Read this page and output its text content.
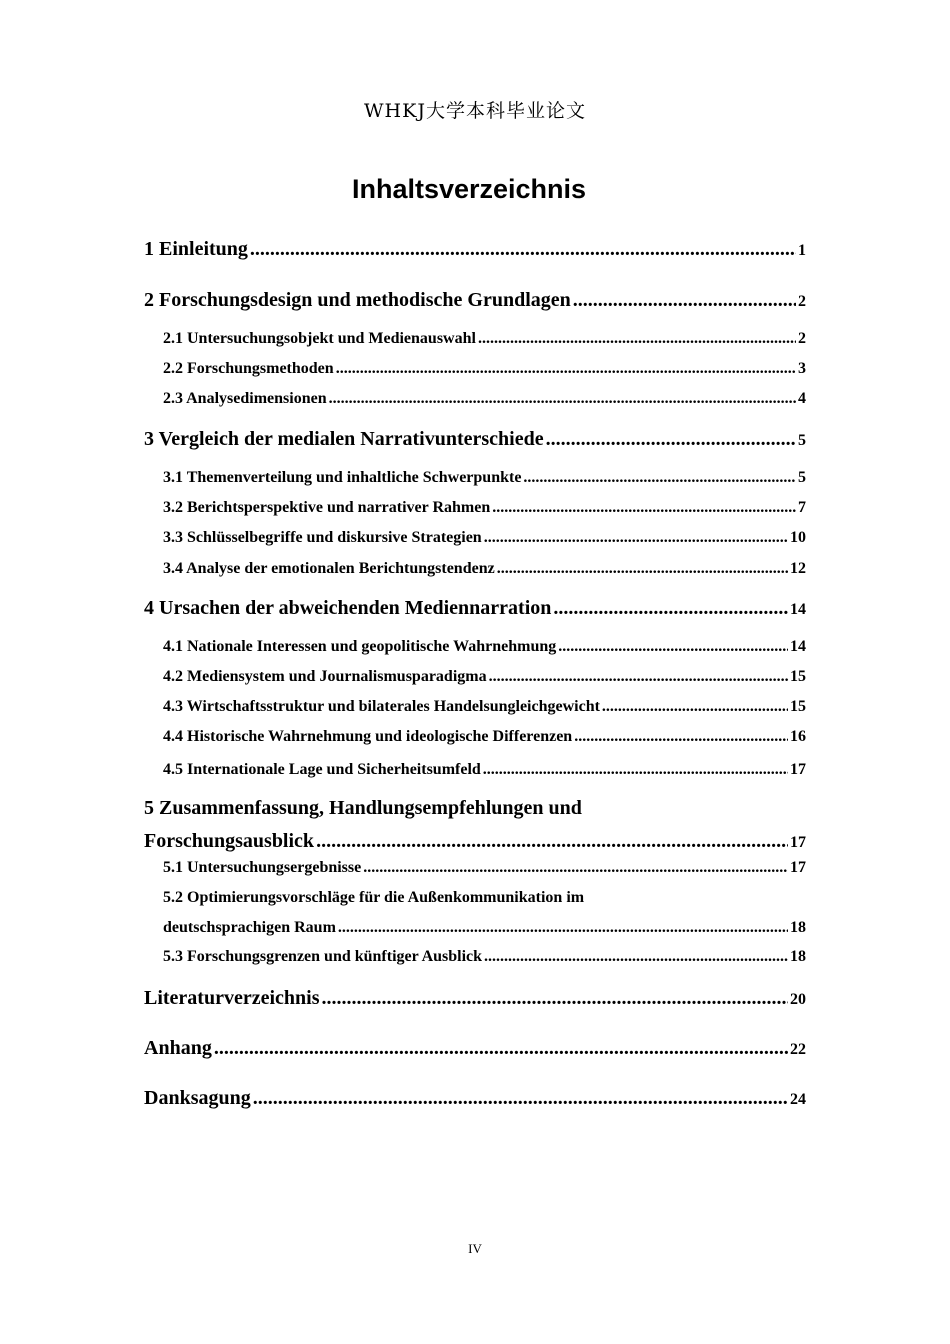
WHKJ大学本科毕业论文
Inhaltsverzeichnis
1 Einleitung .....	1
2 Forschungsdesign und methodische Grundlagen .....	2
2.1 Untersuchungsobjekt und Medienauswahl .....	2
2.2 Forschungsmethoden .....	3
2.3 Analysedimensionen .....	4
3 Vergleich der medialen Narrativunterschiede .....	5
3.1 Themenverteilung und inhaltliche Schwerpunkte .....	5
3.2 Berichtsperspektive und narrativer Rahmen .....	7
3.3 Schlüsselbegriffe und diskursive Strategien .....	10
3.4 Analyse der emotionalen Berichtungstendenz .....	12
4 Ursachen der abweichenden Mediennarration .....	14
4.1 Nationale Interessen und geopolitische Wahrnehmung .....	14
4.2 Mediensystem und Journalismusparadigma .....	15
4.3 Wirtschaftsstruktur und bilaterales Handelsungleichgewicht .....	15
4.4 Historische Wahrnehmung und ideologische Differenzen .....	16
4.5 Internationale Lage und Sicherheitsumfeld .....	17
5 Zusammenfassung, Handlungsempfehlungen und
Forschungsausblick .....	17
5.1 Untersuchungsergebnisse .....	17
5.2 Optimierungsvorschläge für die Außenkommunikation im
deutschsprachigen Raum .....	18
5.3 Forschungsgrenzen und künftiger Ausblick .....	18
Literaturverzeichnis .....	20
Anhang .....	22
Danksagung .....	24
IV
